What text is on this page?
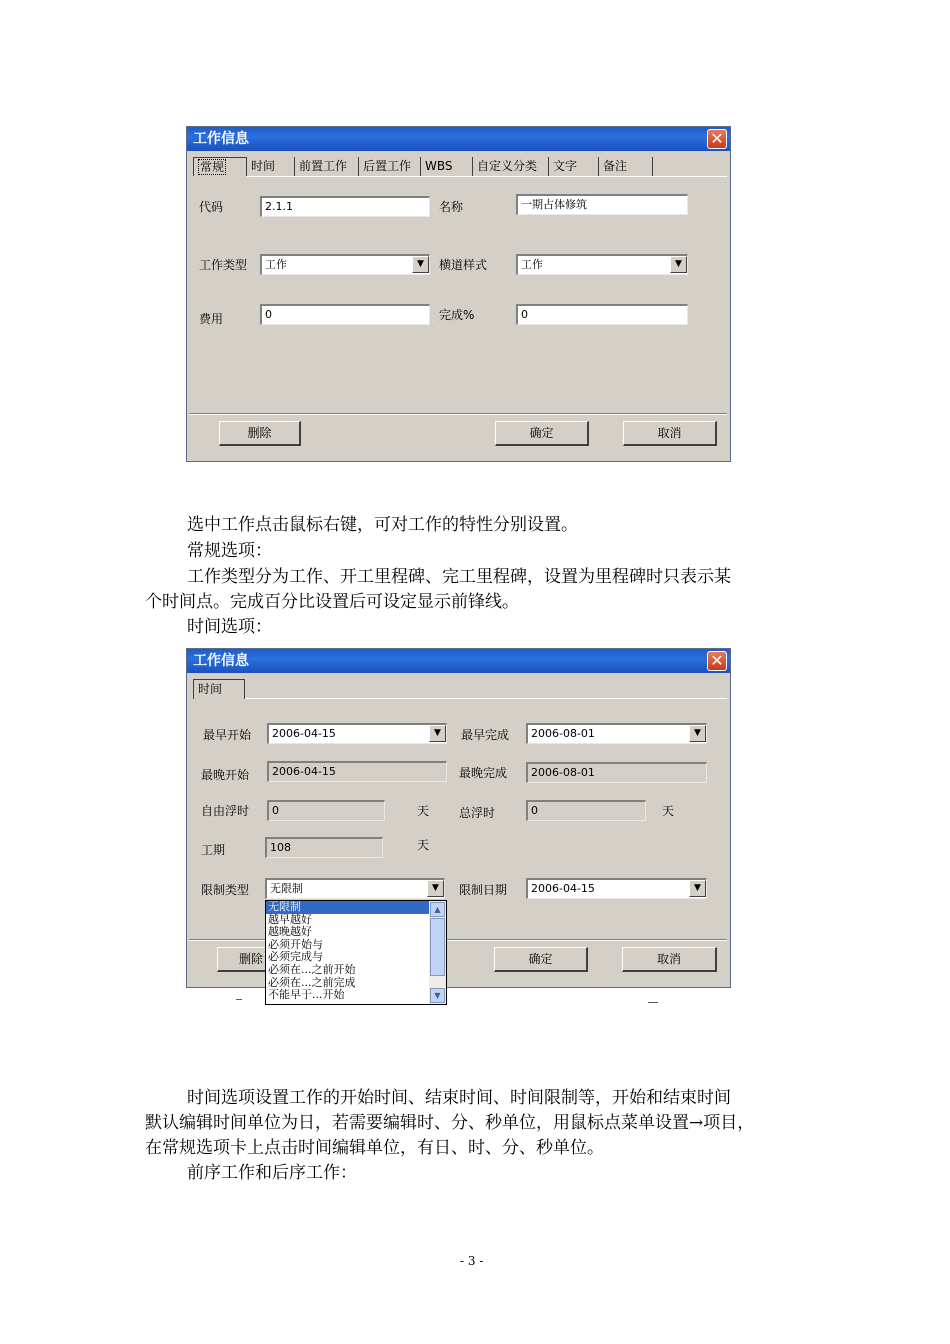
工作信息	✕
常规	时间	前置工作	后置工作	WBS	自定义分类	文字	备注
代码	2.1.1	名称	一期占体修筑
工作类型	工作	▼	横道样式	工作	▼
费用	0	完成%	0
删除	确定	取消
选中工作点击鼠标右键，可对工作的特性分别设置。
常规选项：
工作类型分为工作、开工里程碑、完工里程碑，设置为里程碑时只表示某
个时间点。完成百分比设置后可设定显示前锋线。
时间选项：
工作信息	✕
时间
最早开始	2006-04-15	▼	最早完成	2006-08-01	▼
最晚开始	2006-04-15	最晚完成	2006-08-01
自由浮时	0	天 总浮时	0	天
工期	108	天
限制类型	无限制	▼	限制日期	2006-04-15	▼
删除	确定	取消
无限制
越早越好
越晚越好
必须开始与
必须完成与
必须在...之前开始
必须在...之前完成
不能早于...开始
▲
▼
时间选项设置工作的开始时间、结束时间、时间限制等，开始和结束时间
默认编辑时间单位为日，若需要编辑时、分、秒单位，用鼠标点菜单设置→项目，
在常规选项卡上点击时间编辑单位，有日、时、分、秒单位。
前序工作和后序工作：
- 3 -
